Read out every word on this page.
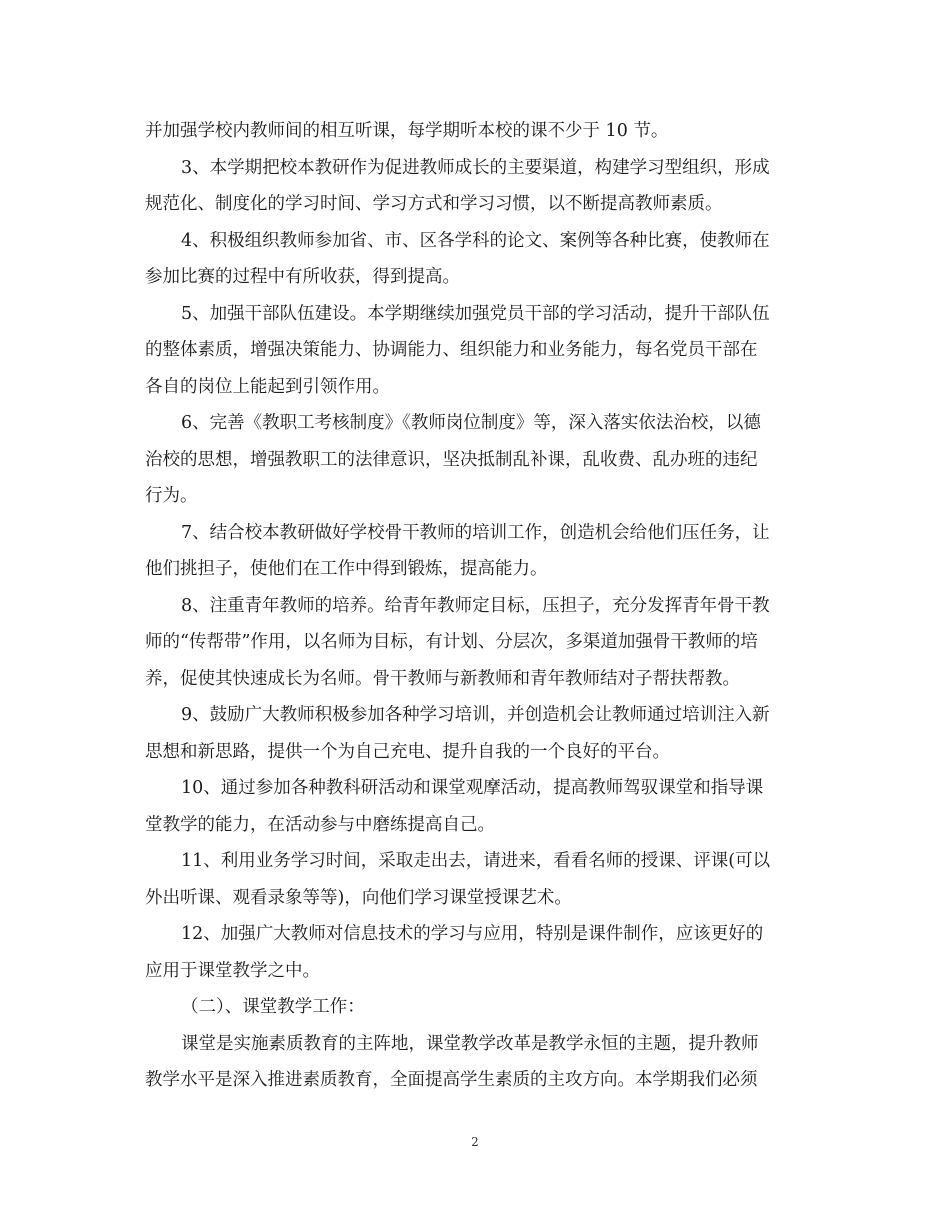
并加强学校内教师间的相互听课，每学期听本校的课不少于 10 节。
3、本学期把校本教研作为促进教师成长的主要渠道，构建学习型组织，形成
规范化、制度化的学习时间、学习方式和学习习惯，以不断提高教师素质。
4、积极组织教师参加省、市、区各学科的论文、案例等各种比赛，使教师在
参加比赛的过程中有所收获，得到提高。
5、加强干部队伍建设。本学期继续加强党员干部的学习活动，提升干部队伍
的整体素质，增强决策能力、协调能力、组织能力和业务能力，每名党员干部在
各自的岗位上能起到引领作用。
6、完善《教职工考核制度》《教师岗位制度》等，深入落实依法治校，以德
治校的思想，增强教职工的法律意识，坚决抵制乱补课，乱收费、乱办班的违纪
行为。
7、结合校本教研做好学校骨干教师的培训工作，创造机会给他们压任务，让
他们挑担子，使他们在工作中得到锻炼，提高能力。
8、注重青年教师的培养。给青年教师定目标，压担子，充分发挥青年骨干教
师的“传帮带”作用，以名师为目标，有计划、分层次，多渠道加强骨干教师的培
养，促使其快速成长为名师。骨干教师与新教师和青年教师结对子帮扶帮教。
9、鼓励广大教师积极参加各种学习培训，并创造机会让教师通过培训注入新
思想和新思路，提供一个为自己充电、提升自我的一个良好的平台。
10、通过参加各种教科研活动和课堂观摩活动，提高教师驾驭课堂和指导课
堂教学的能力，在活动参与中磨练提高自己。
11、利用业务学习时间，采取走出去，请进来，看看名师的授课、评课(可以
外出听课、观看录象等等)，向他们学习课堂授课艺术。
12、加强广大教师对信息技术的学习与应用，特别是课件制作，应该更好的
应用于课堂教学之中。
（二）、课堂教学工作：
课堂是实施素质教育的主阵地，课堂教学改革是教学永恒的主题，提升教师
教学水平是深入推进素质教育，全面提高学生素质的主攻方向。本学期我们必须
2
